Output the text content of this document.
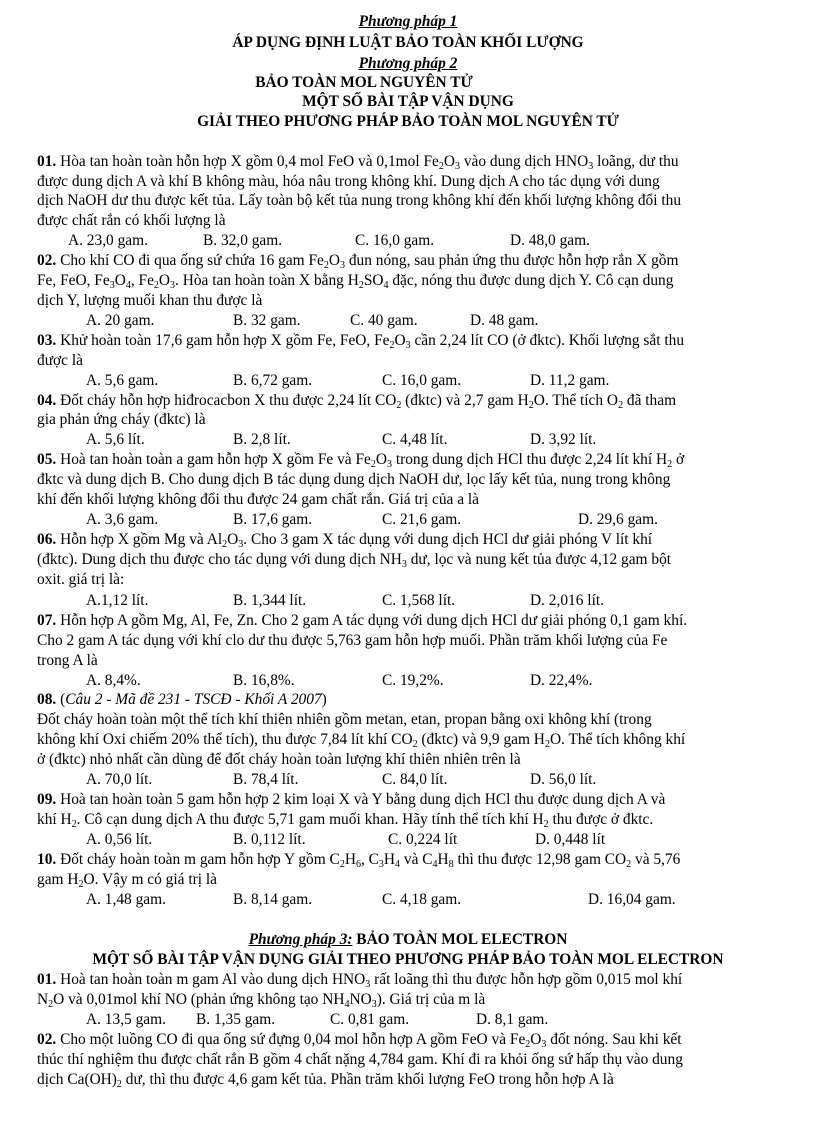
Phương pháp 1
ÁP DỤNG ĐỊNH LUẬT BẢO TOÀN KHỐI LƯỢNG
Phương pháp 2
BẢO TOÀN MOL NGUYÊN TỬ
MỘT SỐ BÀI TẬP VẬN DỤNG
GIẢI THEO PHƯƠNG PHÁP BẢO TOÀN MOL NGUYÊN TỬ
01. Hòa tan hoàn toàn hỗn hợp X gồm 0,4 mol FeO và 0,1mol $Fe_2O_3$ vào dung dịch $HNO_3$ loãng, dư thu
được dung dịch A và khí B không màu, hóa nâu trong không khí. Dung dịch A cho tác dụng với dung
dịch NaOH dư thu được kết tủa. Lấy toàn bộ kết tủa nung trong không khí đến khối lượng không đổi thu
được chất rắn có khối lượng là
A. 23,0 gam.	B. 32,0 gam.	C. 16,0 gam.	D. 48,0 gam.
02. Cho khí CO đi qua ống sứ chứa 16 gam $Fe_2O_3$ đun nóng, sau phản ứng thu được hỗn hợp rắn X gồm
Fe, FeO, $Fe_3O_4$, $Fe_2O_3$. Hòa tan hoàn toàn X bằng $H_2SO_4$ đặc, nóng thu được dung dịch Y. Cô cạn dung
dịch Y, lượng muối khan thu được là
A. 20 gam.	B. 32 gam.	C. 40 gam.	D. 48 gam.
03. Khử hoàn toàn 17,6 gam hỗn hợp X gồm Fe, FeO, $Fe_2O_3$ cần 2,24 lít CO (ở đktc). Khối lượng sắt thu
được là
A. 5,6 gam.	B. 6,72 gam.	C. 16,0 gam.	D. 11,2 gam.
04. Đốt cháy hỗn hợp hiđrocacbon X thu được 2,24 lít $CO_2$ (đktc) và 2,7 gam $H_2O$. Thể tích $O_2$ đã tham
gia phản ứng cháy (đktc) là
A. 5,6 lít.	B. 2,8 lít.	C. 4,48 lít.	D. 3,92 lít.
05. Hoà tan hoàn toàn a gam hỗn hợp X gồm Fe và $Fe_2O_3$ trong dung dịch HCl thu được 2,24 lít khí $H_2$ ở
đktc và dung dịch B. Cho dung dịch B tác dụng dung dịch NaOH dư, lọc lấy kết tủa, nung trong không
khí đến khối lượng không đổi thu được 24 gam chất rắn. Giá trị của a là
A. 3,6 gam.	B. 17,6 gam.	C. 21,6 gam.	D. 29,6 gam.
06. Hỗn hợp X gồm Mg và $Al_2O_3$. Cho 3 gam X tác dụng với dung dịch HCl dư giải phóng V lít khí
(đktc). Dung dịch thu được cho tác dụng với dung dịch $NH_3$ dư, lọc và nung kết tủa được 4,12 gam bột
oxit. giá trị là:
A.1,12 lít.	B. 1,344 lít.	C. 1,568 lít.	D. 2,016 lít.
07. Hỗn hợp A gồm Mg, Al, Fe, Zn. Cho 2 gam A tác dụng với dung dịch HCl dư giải phóng 0,1 gam khí.
Cho 2 gam A tác dụng với khí clo dư thu được 5,763 gam hỗn hợp muối. Phần trăm khối lượng của Fe
trong A là
A. 8,4%.	B. 16,8%.	C. 19,2%.	D. 22,4%.
08. (Câu 2 - Mã đề 231 - TSCĐ - Khối A 2007)
Đốt cháy hoàn toàn một thể tích khí thiên nhiên gồm metan, etan, propan bằng oxi không khí (trong
không khí Oxi chiếm 20% thể tích), thu được 7,84 lít khí $CO_2$ (đktc) và 9,9 gam $H_2O$. Thể tích không khí
ở (đktc) nhỏ nhất cần dùng để đốt cháy hoàn toàn lượng khí thiên nhiên trên là
A. 70,0 lít.	B. 78,4 lít.	C. 84,0 lít.	D. 56,0 lít.
09. Hoà tan hoàn toàn 5 gam hỗn hợp 2 kim loại X và Y bằng dung dịch HCl thu được dung dịch A và
khí $H_2$. Cô cạn dung dịch A thu được 5,71 gam muối khan. Hãy tính thể tích khí $H_2$ thu được ở đktc.
A. 0,56 lít.	B. 0,112 lít.	C. 0,224 lít	D. 0,448 lít
10. Đốt cháy hoàn toàn m gam hỗn hợp Y gồm $C_2H_6$, $C_3H_4$ và $C_4H_8$ thì thu được 12,98 gam $CO_2$ và 5,76
gam $H_2O$. Vậy m có giá trị là
A. 1,48 gam.	B. 8,14 gam.	C. 4,18 gam.	D. 16,04 gam.
Phương pháp 3: BẢO TOÀN MOL ELECTRON
MỘT SỐ BÀI TẬP VẬN DỤNG GIẢI THEO PHƯƠNG PHÁP BẢO TOÀN MOL ELECTRON
01. Hoà tan hoàn toàn m gam Al vào dung dịch $HNO_3$ rất loãng thì thu được hỗn hợp gồm 0,015 mol khí
$N_2O$ và 0,01mol khí NO (phản ứng không tạo $NH_4NO_3$). Giá trị của m là
A. 13,5 gam. B. 1,35 gam.	C. 0,81 gam.	D. 8,1 gam.
02. Cho một luồng CO đi qua ống sứ đựng 0,04 mol hỗn hợp A gồm FeO và $Fe_2O_3$ đốt nóng. Sau khi kết
thúc thí nghiệm thu được chất rắn B gồm 4 chất nặng 4,784 gam. Khí đi ra khỏi ống sứ hấp thụ vào dung
dịch $Ca(OH)_2$ dư, thì thu được 4,6 gam kết tủa. Phần trăm khối lượng FeO trong hỗn hợp A là
